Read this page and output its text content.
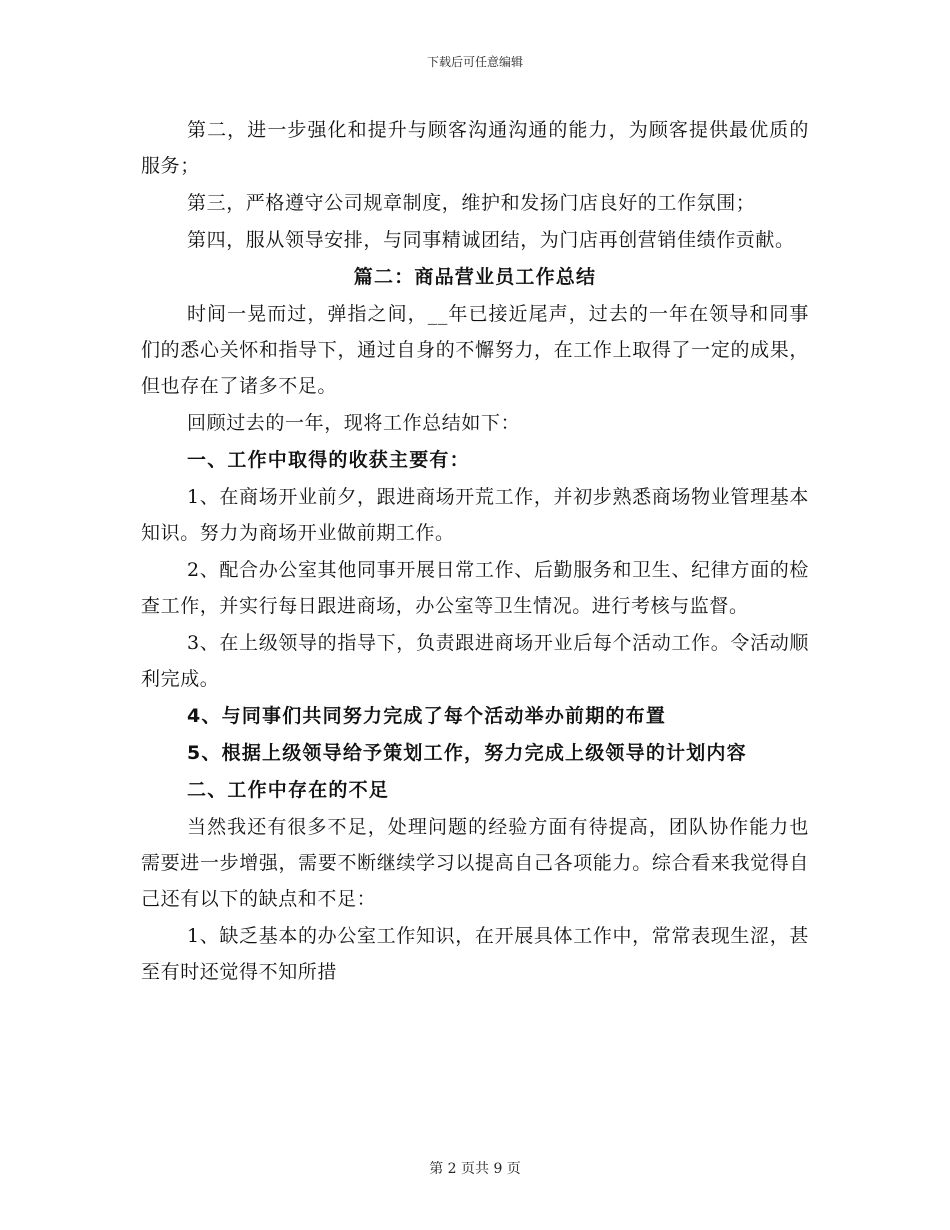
下载后可任意编辑

第二，进一步强化和提升与顾客沟通沟通的能力，为顾客提供最优质的服务；

第三，严格遵守公司规章制度，维护和发扬门店良好的工作氛围；

第四，服从领导安排，与同事精诚团结，为门店再创营销佳绩作贡献。

篇二：商品营业员工作总结

时间一晃而过，弹指之间，__年已接近尾声，过去的一年在领导和同事们的悉心关怀和指导下，通过自身的不懈努力，在工作上取得了一定的成果，但也存在了诸多不足。

回顾过去的一年，现将工作总结如下：

一、工作中取得的收获主要有：

1、在商场开业前夕，跟进商场开荒工作，并初步熟悉商场物业管理基本知识。努力为商场开业做前期工作。

2、配合办公室其他同事开展日常工作、后勤服务和卫生、纪律方面的检查工作，并实行每日跟进商场，办公室等卫生情况。进行考核与监督。

3、在上级领导的指导下，负责跟进商场开业后每个活动工作。令活动顺利完成。

4、与同事们共同努力完成了每个活动举办前期的布置

5、根据上级领导给予策划工作，努力完成上级领导的计划内容

二、工作中存在的不足

当然我还有很多不足，处理问题的经验方面有待提高，团队协作能力也需要进一步增强，需要不断继续学习以提高自己各项能力。综合看来我觉得自己还有以下的缺点和不足：

1、缺乏基本的办公室工作知识，在开展具体工作中，常常表现生涩，甚至有时还觉得不知所措

第 2 页共 9 页
